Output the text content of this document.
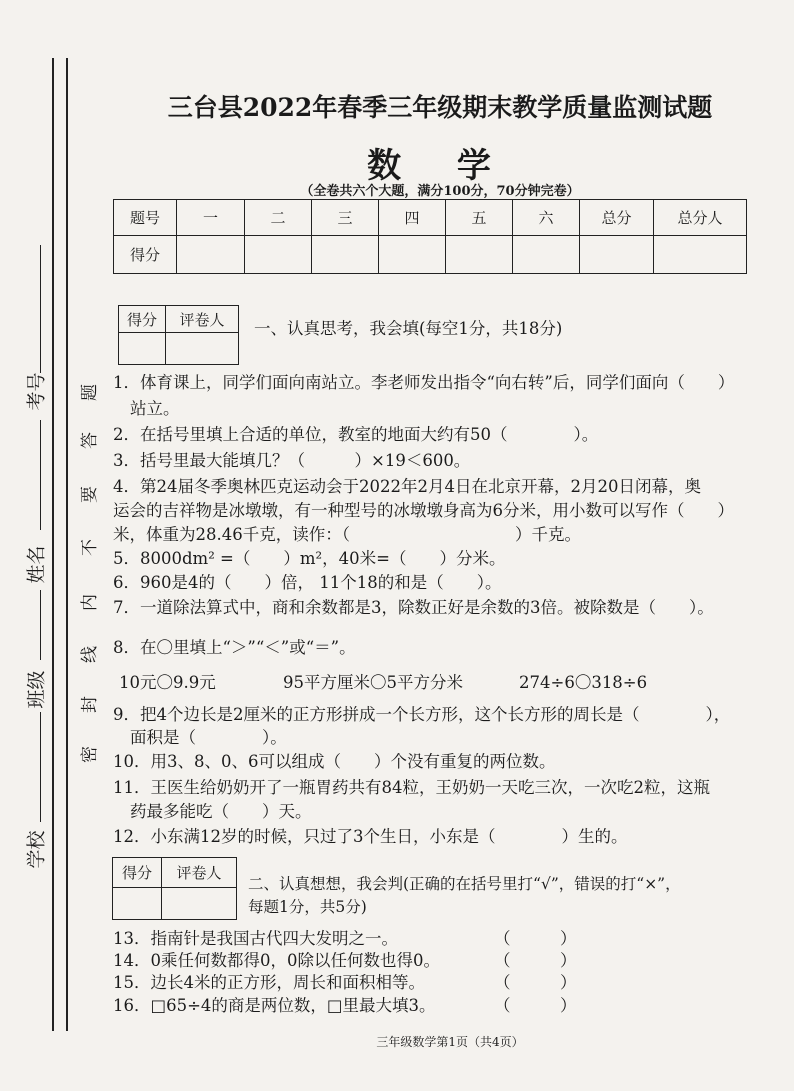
考号
姓名
班级
学校
题
答
要
不
内
线
封
密
三台县2022年春季三年级期末教学质量监测试题
数 学
（全卷共六个大题，满分100分，70分钟完卷）
题号	一	二	三	四	五	六	总分	总分人
得分								
得分	评卷人
	一、认真思考，我会填(每空1分，共18分)
1．体育课上，同学们面向南站立。李老师发出指令“向右转”后，同学们面向（　　）
站立。
2．在括号里填上合适的单位，教室的地面大约有50（　　　　）。
3．括号里最大能填几？（　　　）×19＜600。
4．第24届冬季奥林匹克运动会于2022年2月4日在北京开幕，2月20日闭幕，奥
运会的吉祥物是冰墩墩，有一种型号的冰墩墩身高为6分米，用小数可以写作（　　）
米，体重为28.46千克，读作：（　　　　　　　　　　）千克。
5．8000dm² =（　　）m²，40米=（　　）分米。
6．960是4的（　　）倍， 11个18的和是（　　）。
7．一道除法算式中，商和余数都是3，除数正好是余数的3倍。被除数是（　　）。
8．在〇里填上“＞”“＜”或“＝”。
10元〇9.9元	95平方厘米〇5平方分米	274÷6〇318÷6
9．把4个边长是2厘米的正方形拼成一个长方形，这个长方形的周长是（　　　　），
面积是（　　　　）。
10．用3、8、0、6可以组成（　　）个没有重复的两位数。
11．王医生给奶奶开了一瓶胃药共有84粒，王奶奶一天吃三次，一次吃2粒，这瓶
药最多能吃（　　）天。
12．小东满12岁的时候，只过了3个生日，小东是（　　　　）生的。
得分	评卷人

二、认真想想，我会判(正确的在括号里打“√”，错误的打“×”，
每题1分，共5分)
13．指南针是我国古代四大发明之一。	（　　　）
14．0乘任何数都得0，0除以任何数也得0。	（　　　）
15．边长4米的正方形，周长和面积相等。	（　　　）
16．□65÷4的商是两位数，□里最大填3。	（　　　）
三年级数学第1页（共4页）
